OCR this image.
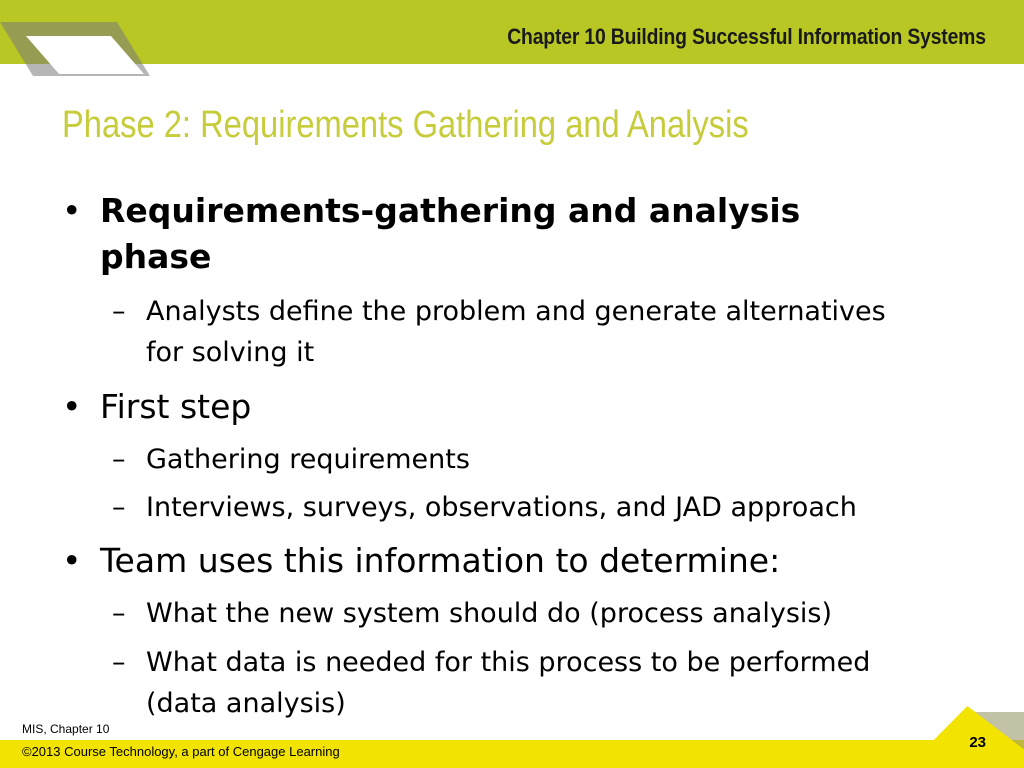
Chapter 10 Building Successful Information Systems
Phase 2: Requirements Gathering and Analysis
• Requirements-gathering and analysis
phase
– Analysts define the problem and generate alternatives
for solving it
• First step
– Gathering requirements
– Interviews, surveys, observations, and JAD approach
• Team uses this information to determine:
– What the new system should do (process analysis)
– What data is needed for this process to be performed
(data analysis)
MIS, Chapter 10
©2013 Course Technology, a part of Cengage Learning
23
